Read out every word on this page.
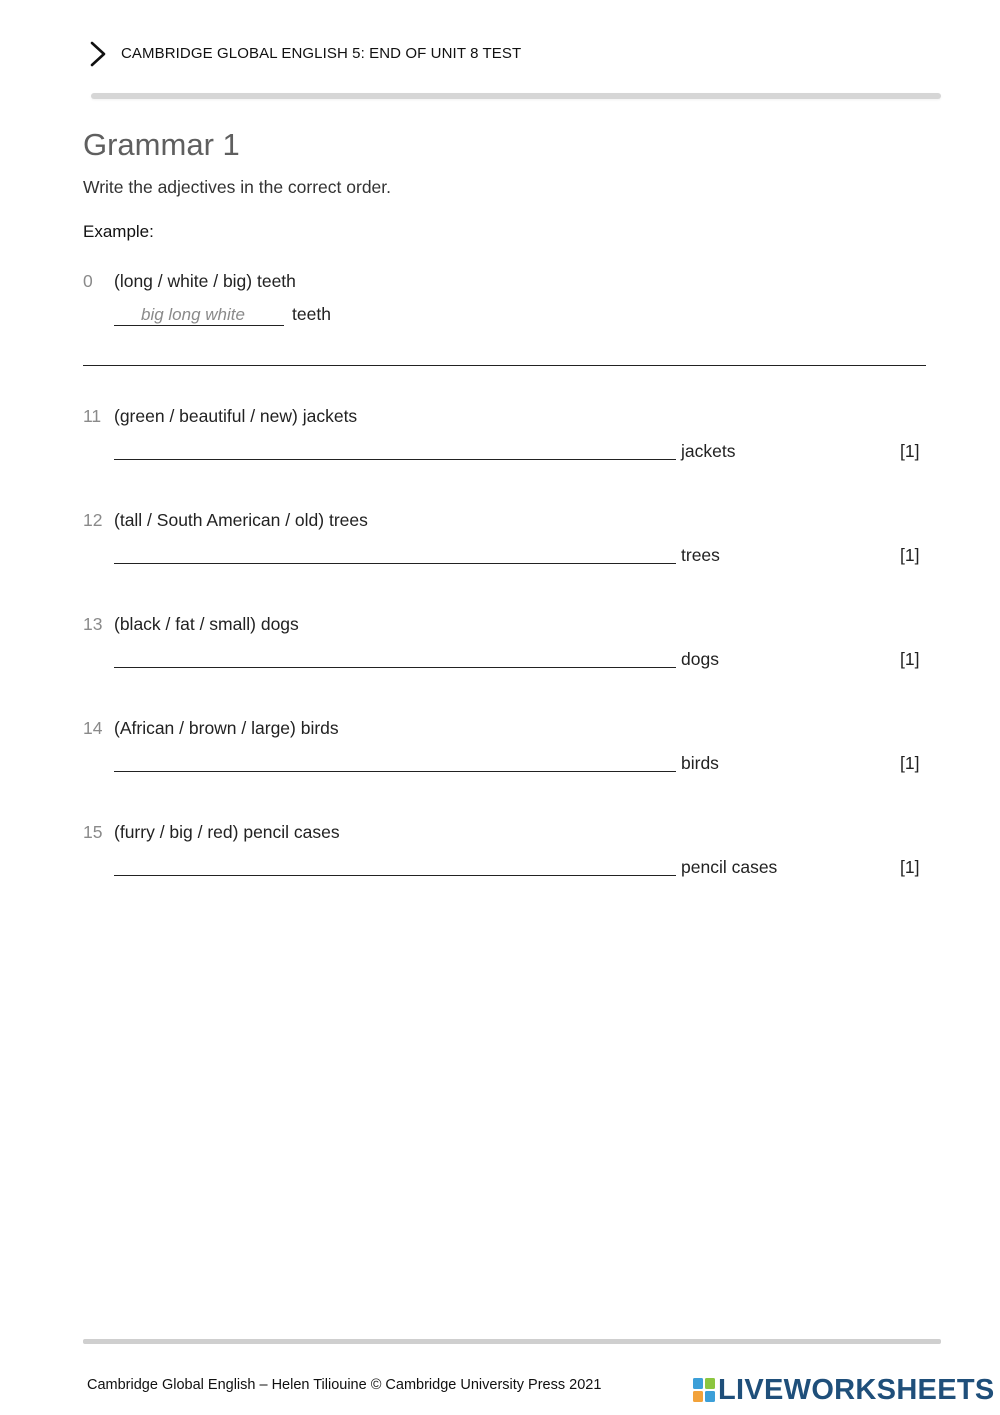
CAMBRIDGE GLOBAL ENGLISH 5: END OF UNIT 8 TEST
Grammar 1
Write the adjectives in the correct order.
Example:
0 (long / white / big) teeth
big long white	teeth
11 (green / beautiful / new) jackets
jackets	[1]
12 (tall / South American / old) trees
trees	[1]
13 (black / fat / small) dogs
dogs	[1]
14 (African / brown / large) birds
birds	[1]
15 (furry / big / red) pencil cases
pencil cases	[1]
Cambridge Global English – Helen Tiliouine © Cambridge University Press 2021	LIVEWORKSHEETS
